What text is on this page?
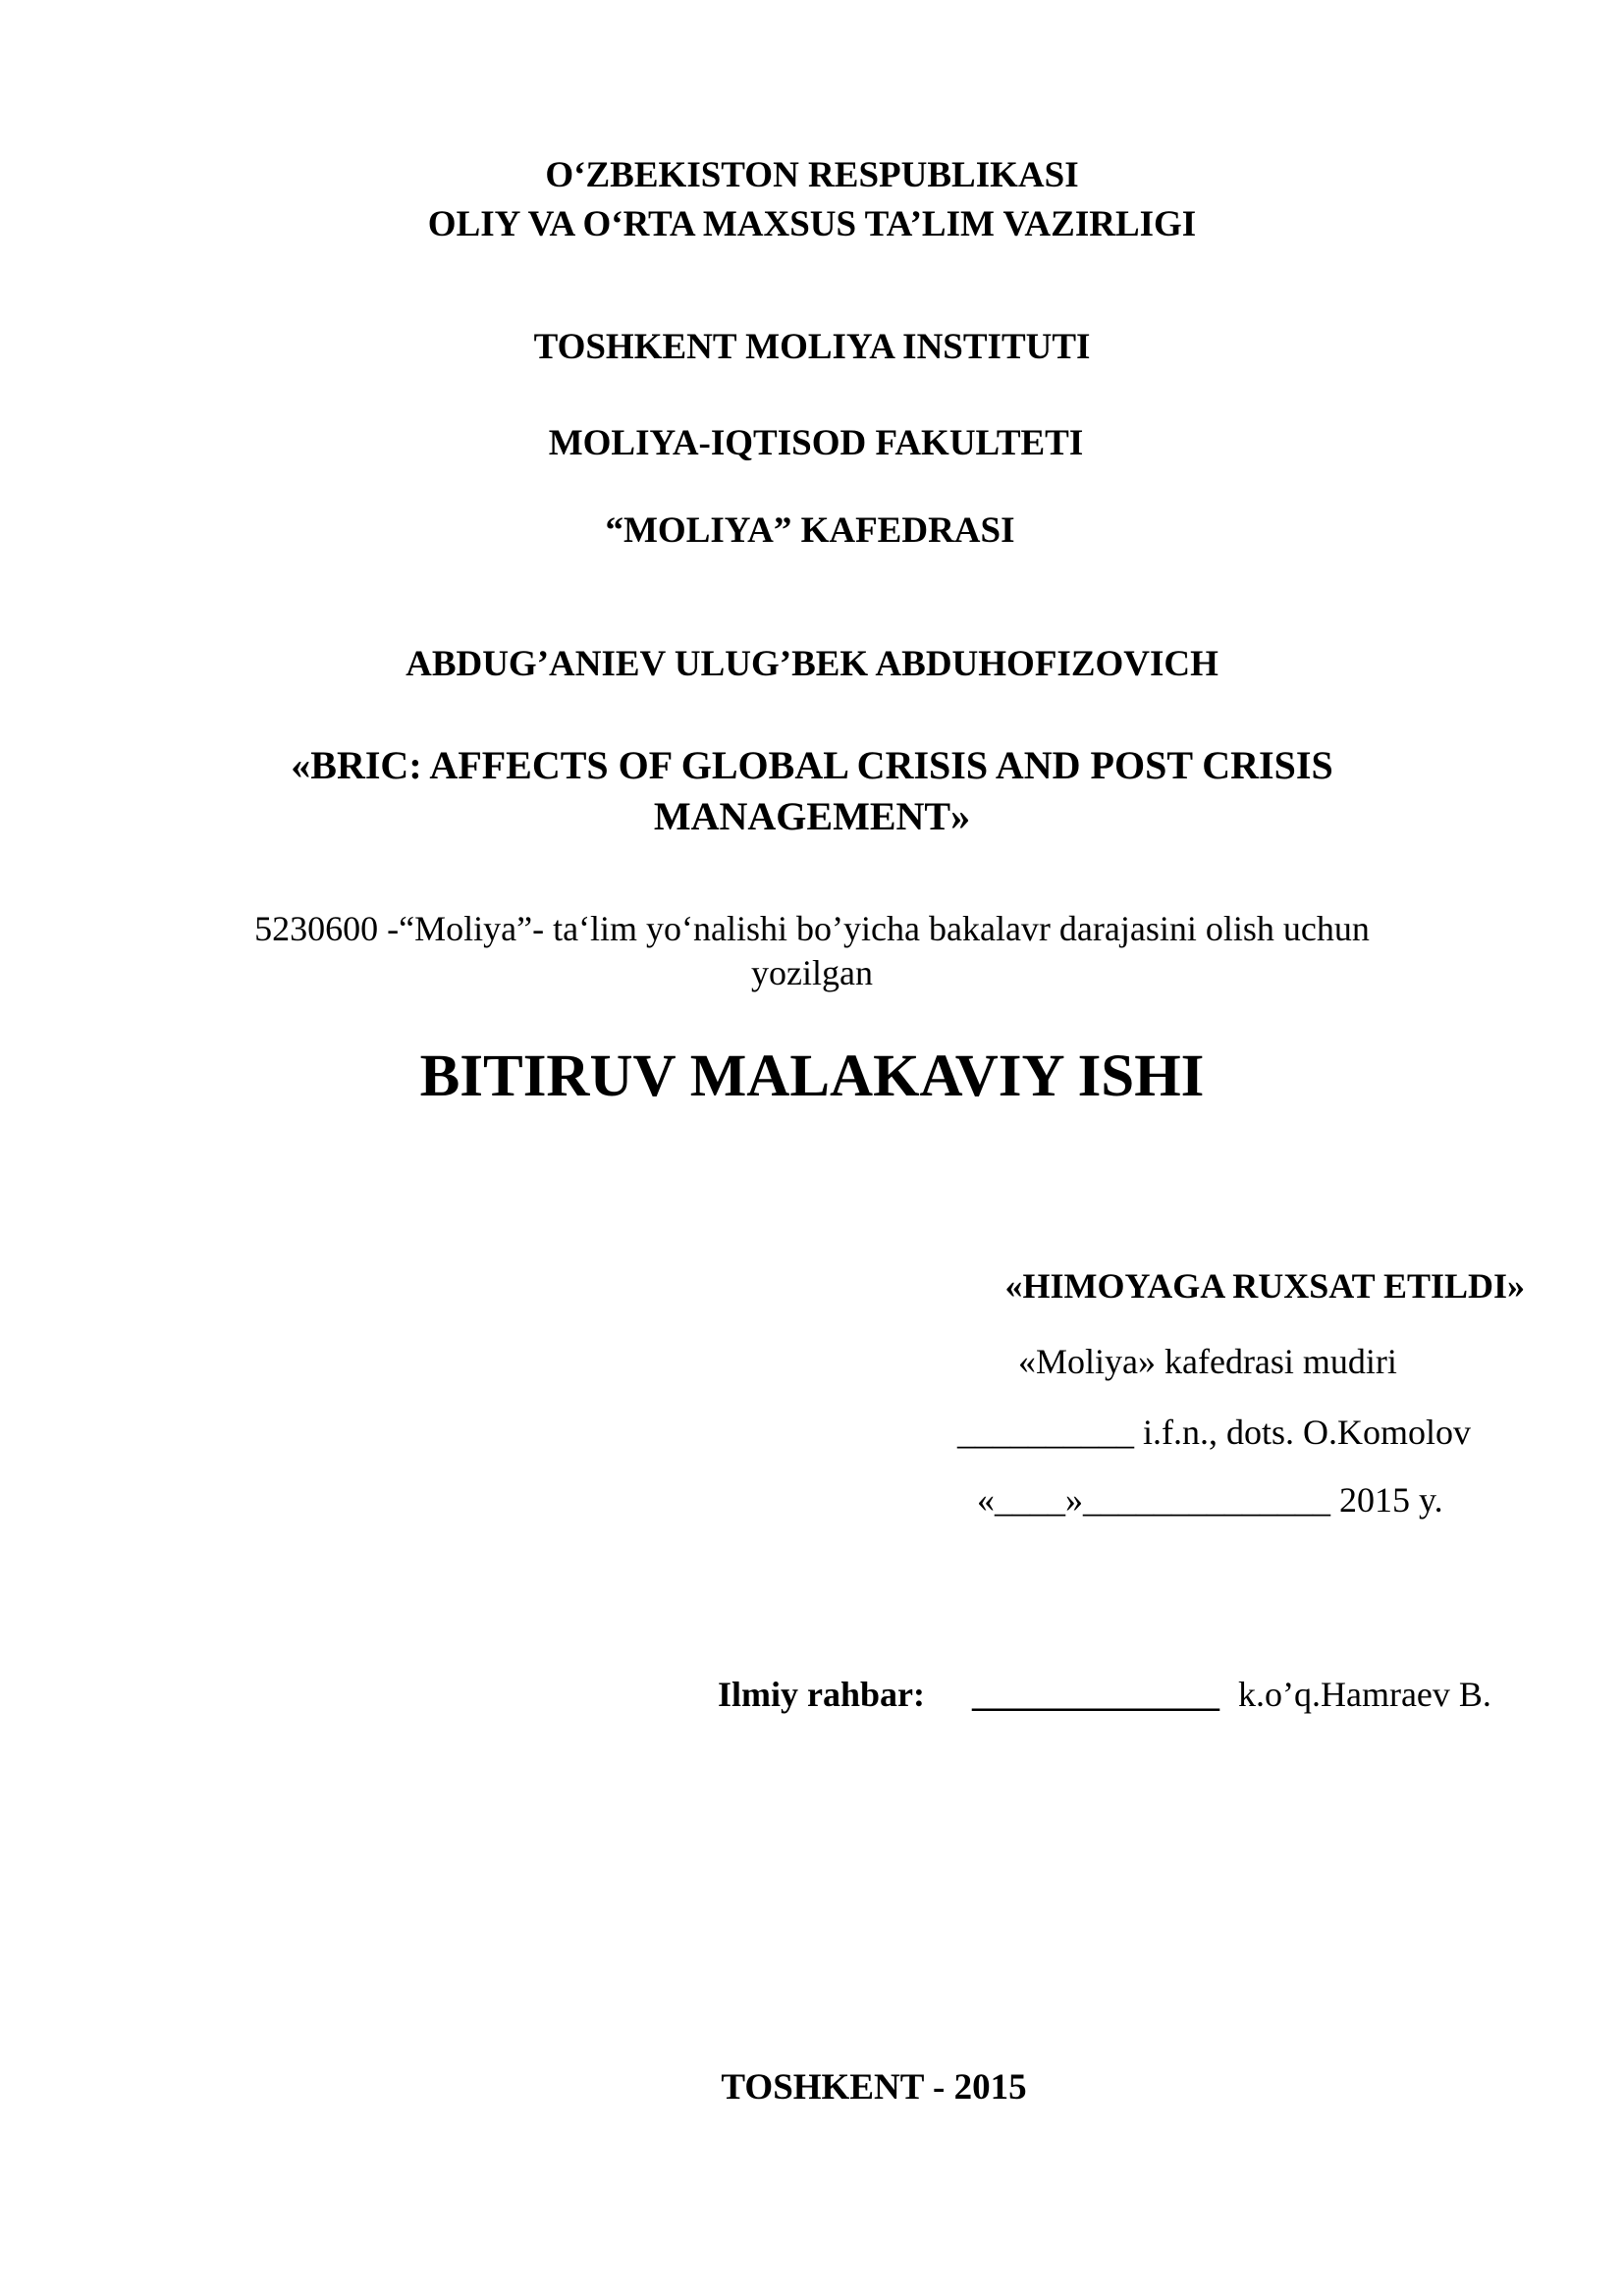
O‘ZBEKISTON RESPUBLIKASI
OLIY VA O‘RTA MAXSUS TA’LIM VAZIRLIGI
TOSHKENT MOLIYA INSTITUTI
MOLIYA-IQTISOD FAKULTETI
“MOLIYA” KAFEDRASI
ABDUG’ANIEV ULUG’BEK ABDUHOFIZOVICH
«BRIC: AFFECTS OF GLOBAL CRISIS AND POST CRISIS
MANAGEMENT»
5230600 -“Moliya”- ta‘lim yo‘nalishi bo’yicha bakalavr darajasini olish uchun
yozilgan
BITIRUV MALAKAVIY ISHI
«HIMOYAGA RUXSAT ETILDI»
«Moliya» kafedrasi mudiri
__________ i.f.n., dots. O.Komolov
«____»______________ 2015 y.
Ilmiy rahbar: ______________ k.o’q.Hamraev B.
TOSHKENT - 2015
